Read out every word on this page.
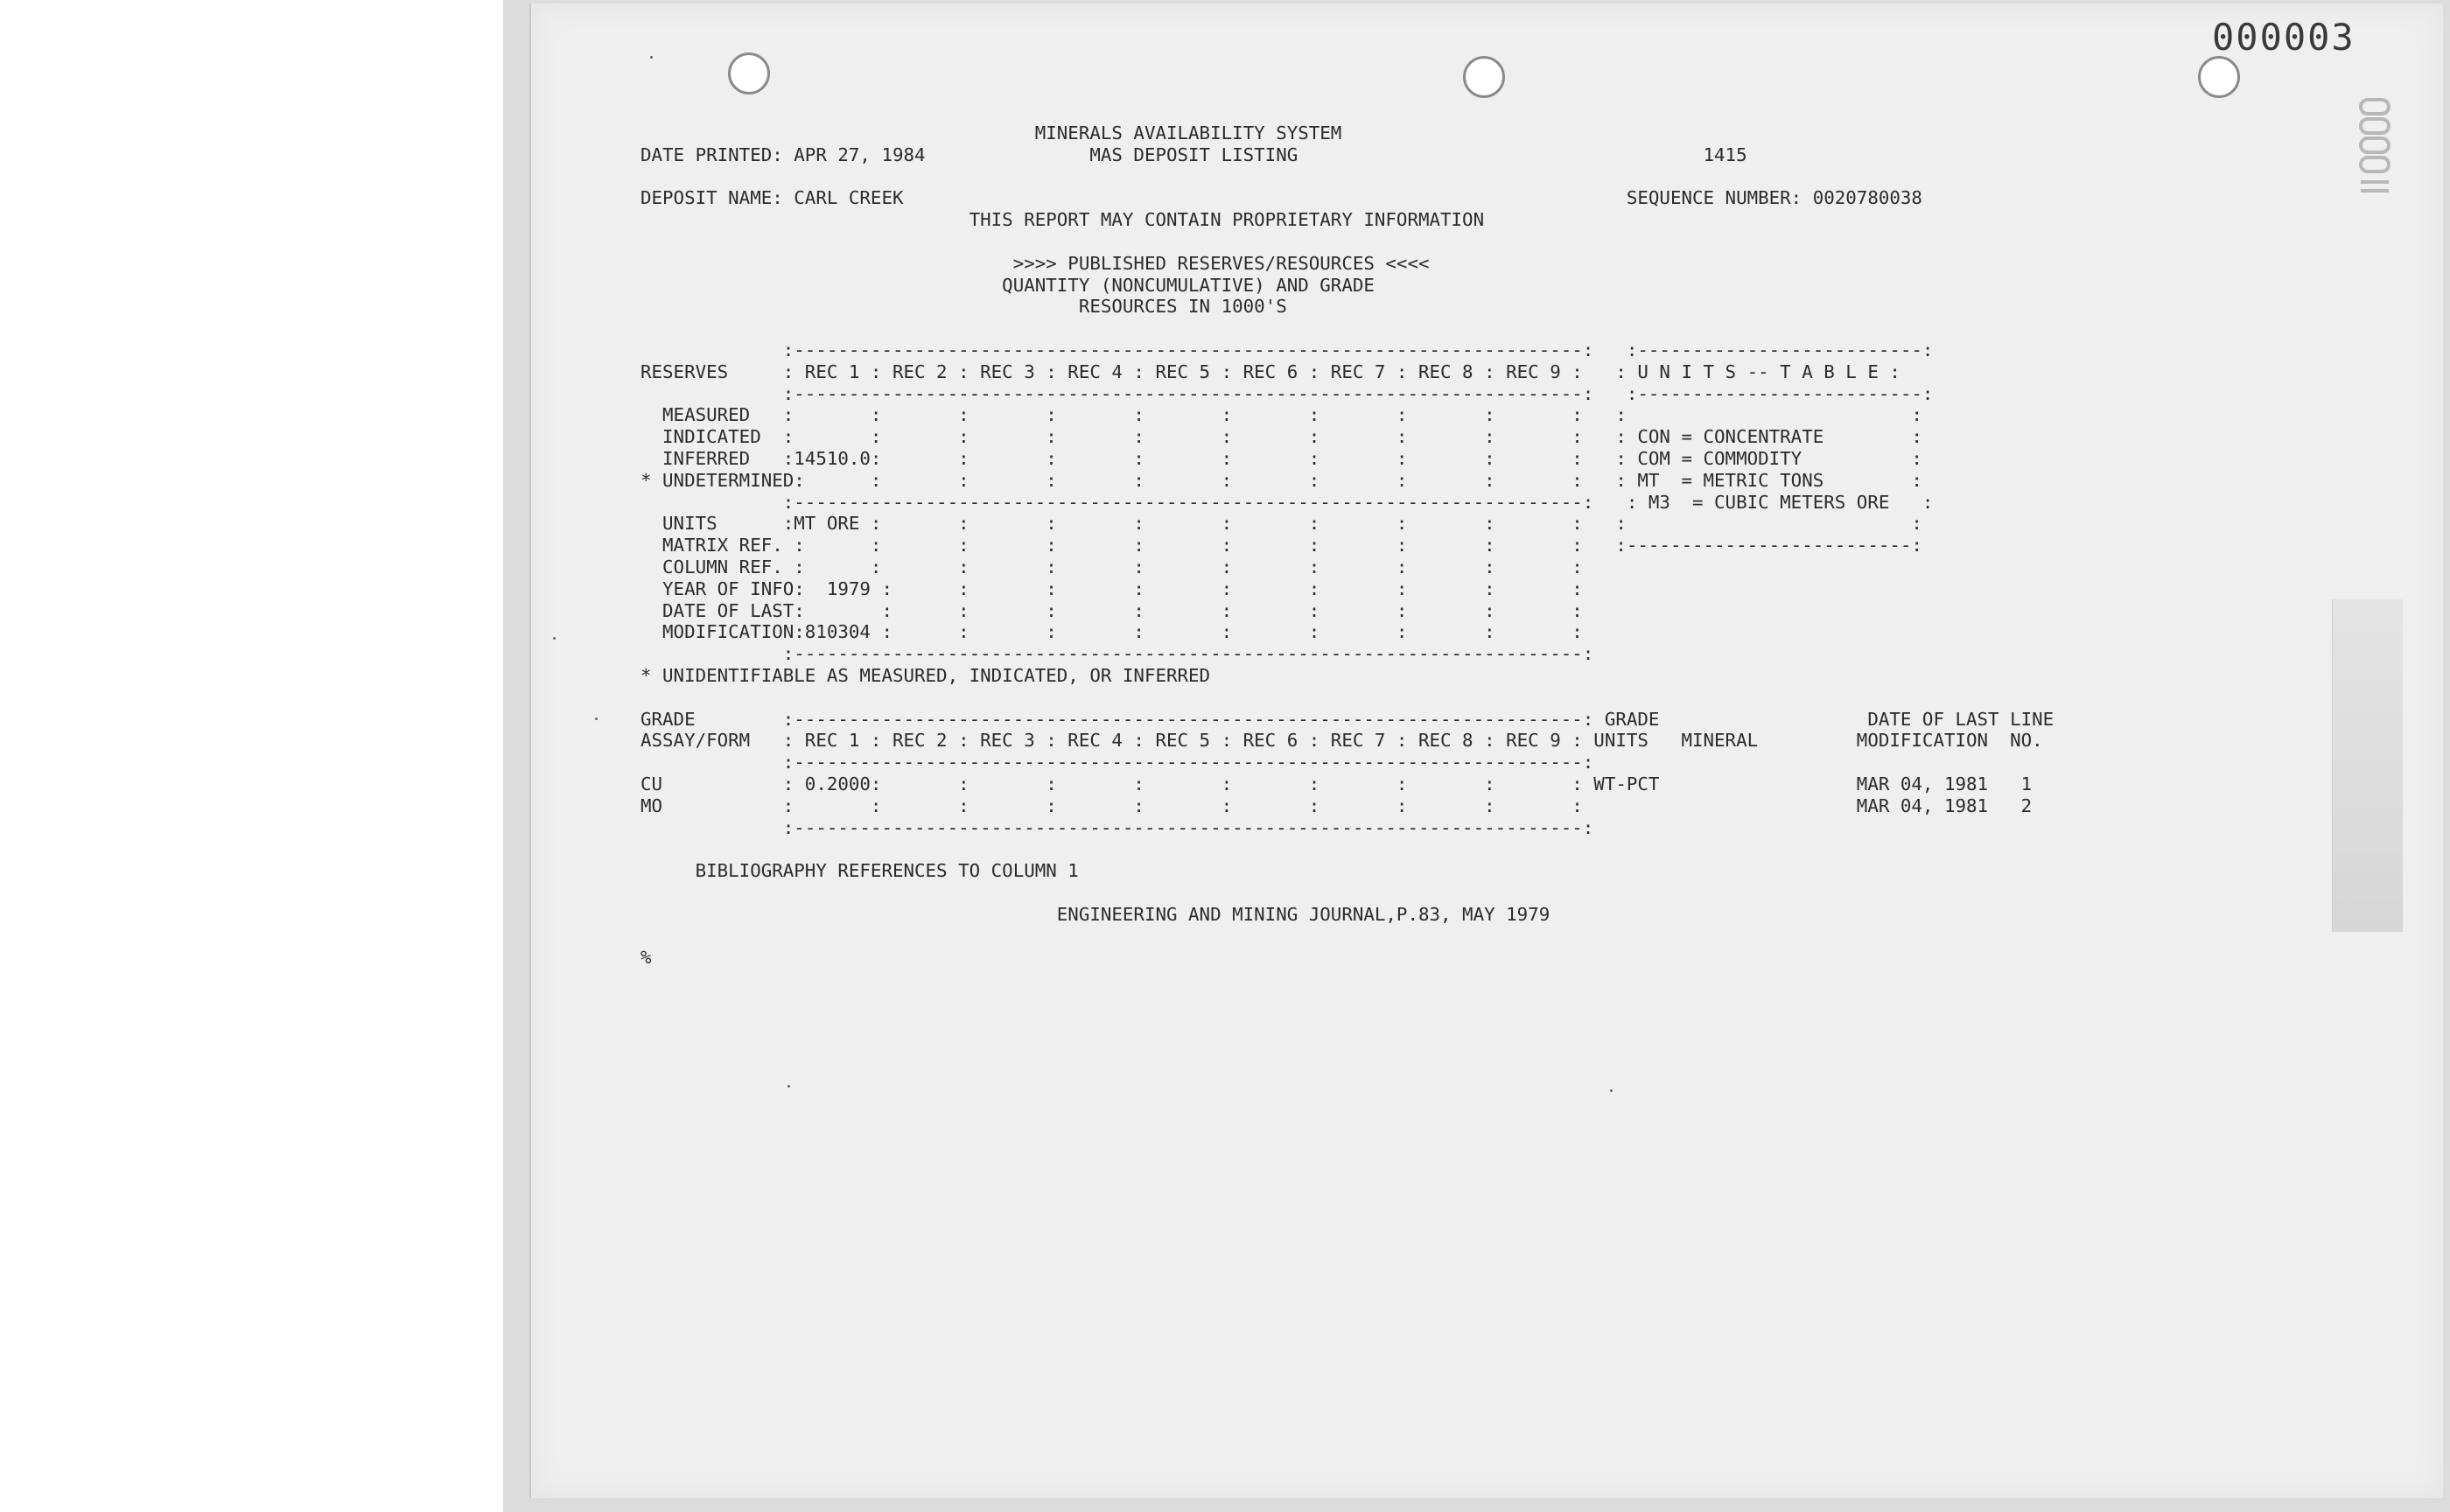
000003
MINERALS AVAILABILITY SYSTEM
DATE PRINTED: APR 27, 1984               MAS DEPOSIT LISTING                                     1415

DEPOSIT NAME: CARL CREEK                                                                  SEQUENCE NUMBER: 0020780038
THIS REPORT MAY CONTAIN PROPRIETARY INFORMATION

>>>> PUBLISHED RESERVES/RESOURCES <<<<
QUANTITY (NONCUMULATIVE) AND GRADE
RESOURCES IN 1000'S

:------------------------------------------------------------------------:   :--------------------------:
RESERVES     : REC 1 : REC 2 : REC 3 : REC 4 : REC 5 : REC 6 : REC 7 : REC 8 : REC 9 :   : U N I T S -- T A B L E :
:------------------------------------------------------------------------:   :--------------------------:
MEASURED   :       :       :       :       :       :       :       :       :       :   :                          :
INDICATED  :       :       :       :       :       :       :       :       :       :   : CON = CONCENTRATE        :
INFERRED   :14510.0:       :       :       :       :       :       :       :       :   : COM = COMMODITY          :
* UNDETERMINED:      :       :       :       :       :       :       :       :       :   : MT  = METRIC TONS        :
:------------------------------------------------------------------------:   : M3  = CUBIC METERS ORE   :
UNITS      :MT ORE :       :       :       :       :       :       :       :       :   :                          :
MATRIX REF. :      :       :       :       :       :       :       :       :       :   :--------------------------:
COLUMN REF. :      :       :       :       :       :       :       :       :       :
YEAR OF INFO:  1979 :      :       :       :       :       :       :       :       :
DATE OF LAST:       :      :       :       :       :       :       :       :       :
MODIFICATION:810304 :      :       :       :       :       :       :       :       :
:------------------------------------------------------------------------:
* UNIDENTIFIABLE AS MEASURED, INDICATED, OR INFERRED

GRADE        :------------------------------------------------------------------------: GRADE                   DATE OF LAST LINE
ASSAY/FORM   : REC 1 : REC 2 : REC 3 : REC 4 : REC 5 : REC 6 : REC 7 : REC 8 : REC 9 : UNITS   MINERAL         MODIFICATION  NO.
:------------------------------------------------------------------------:
CU           : 0.2000:       :       :       :       :       :       :       :       : WT-PCT                  MAR 04, 1981   1
MO           :       :       :       :       :       :       :       :       :       :                         MAR 04, 1981   2
:------------------------------------------------------------------------:

BIBLIOGRAPHY REFERENCES TO COLUMN 1

ENGINEERING AND MINING JOURNAL,P.83, MAY 1979

%
